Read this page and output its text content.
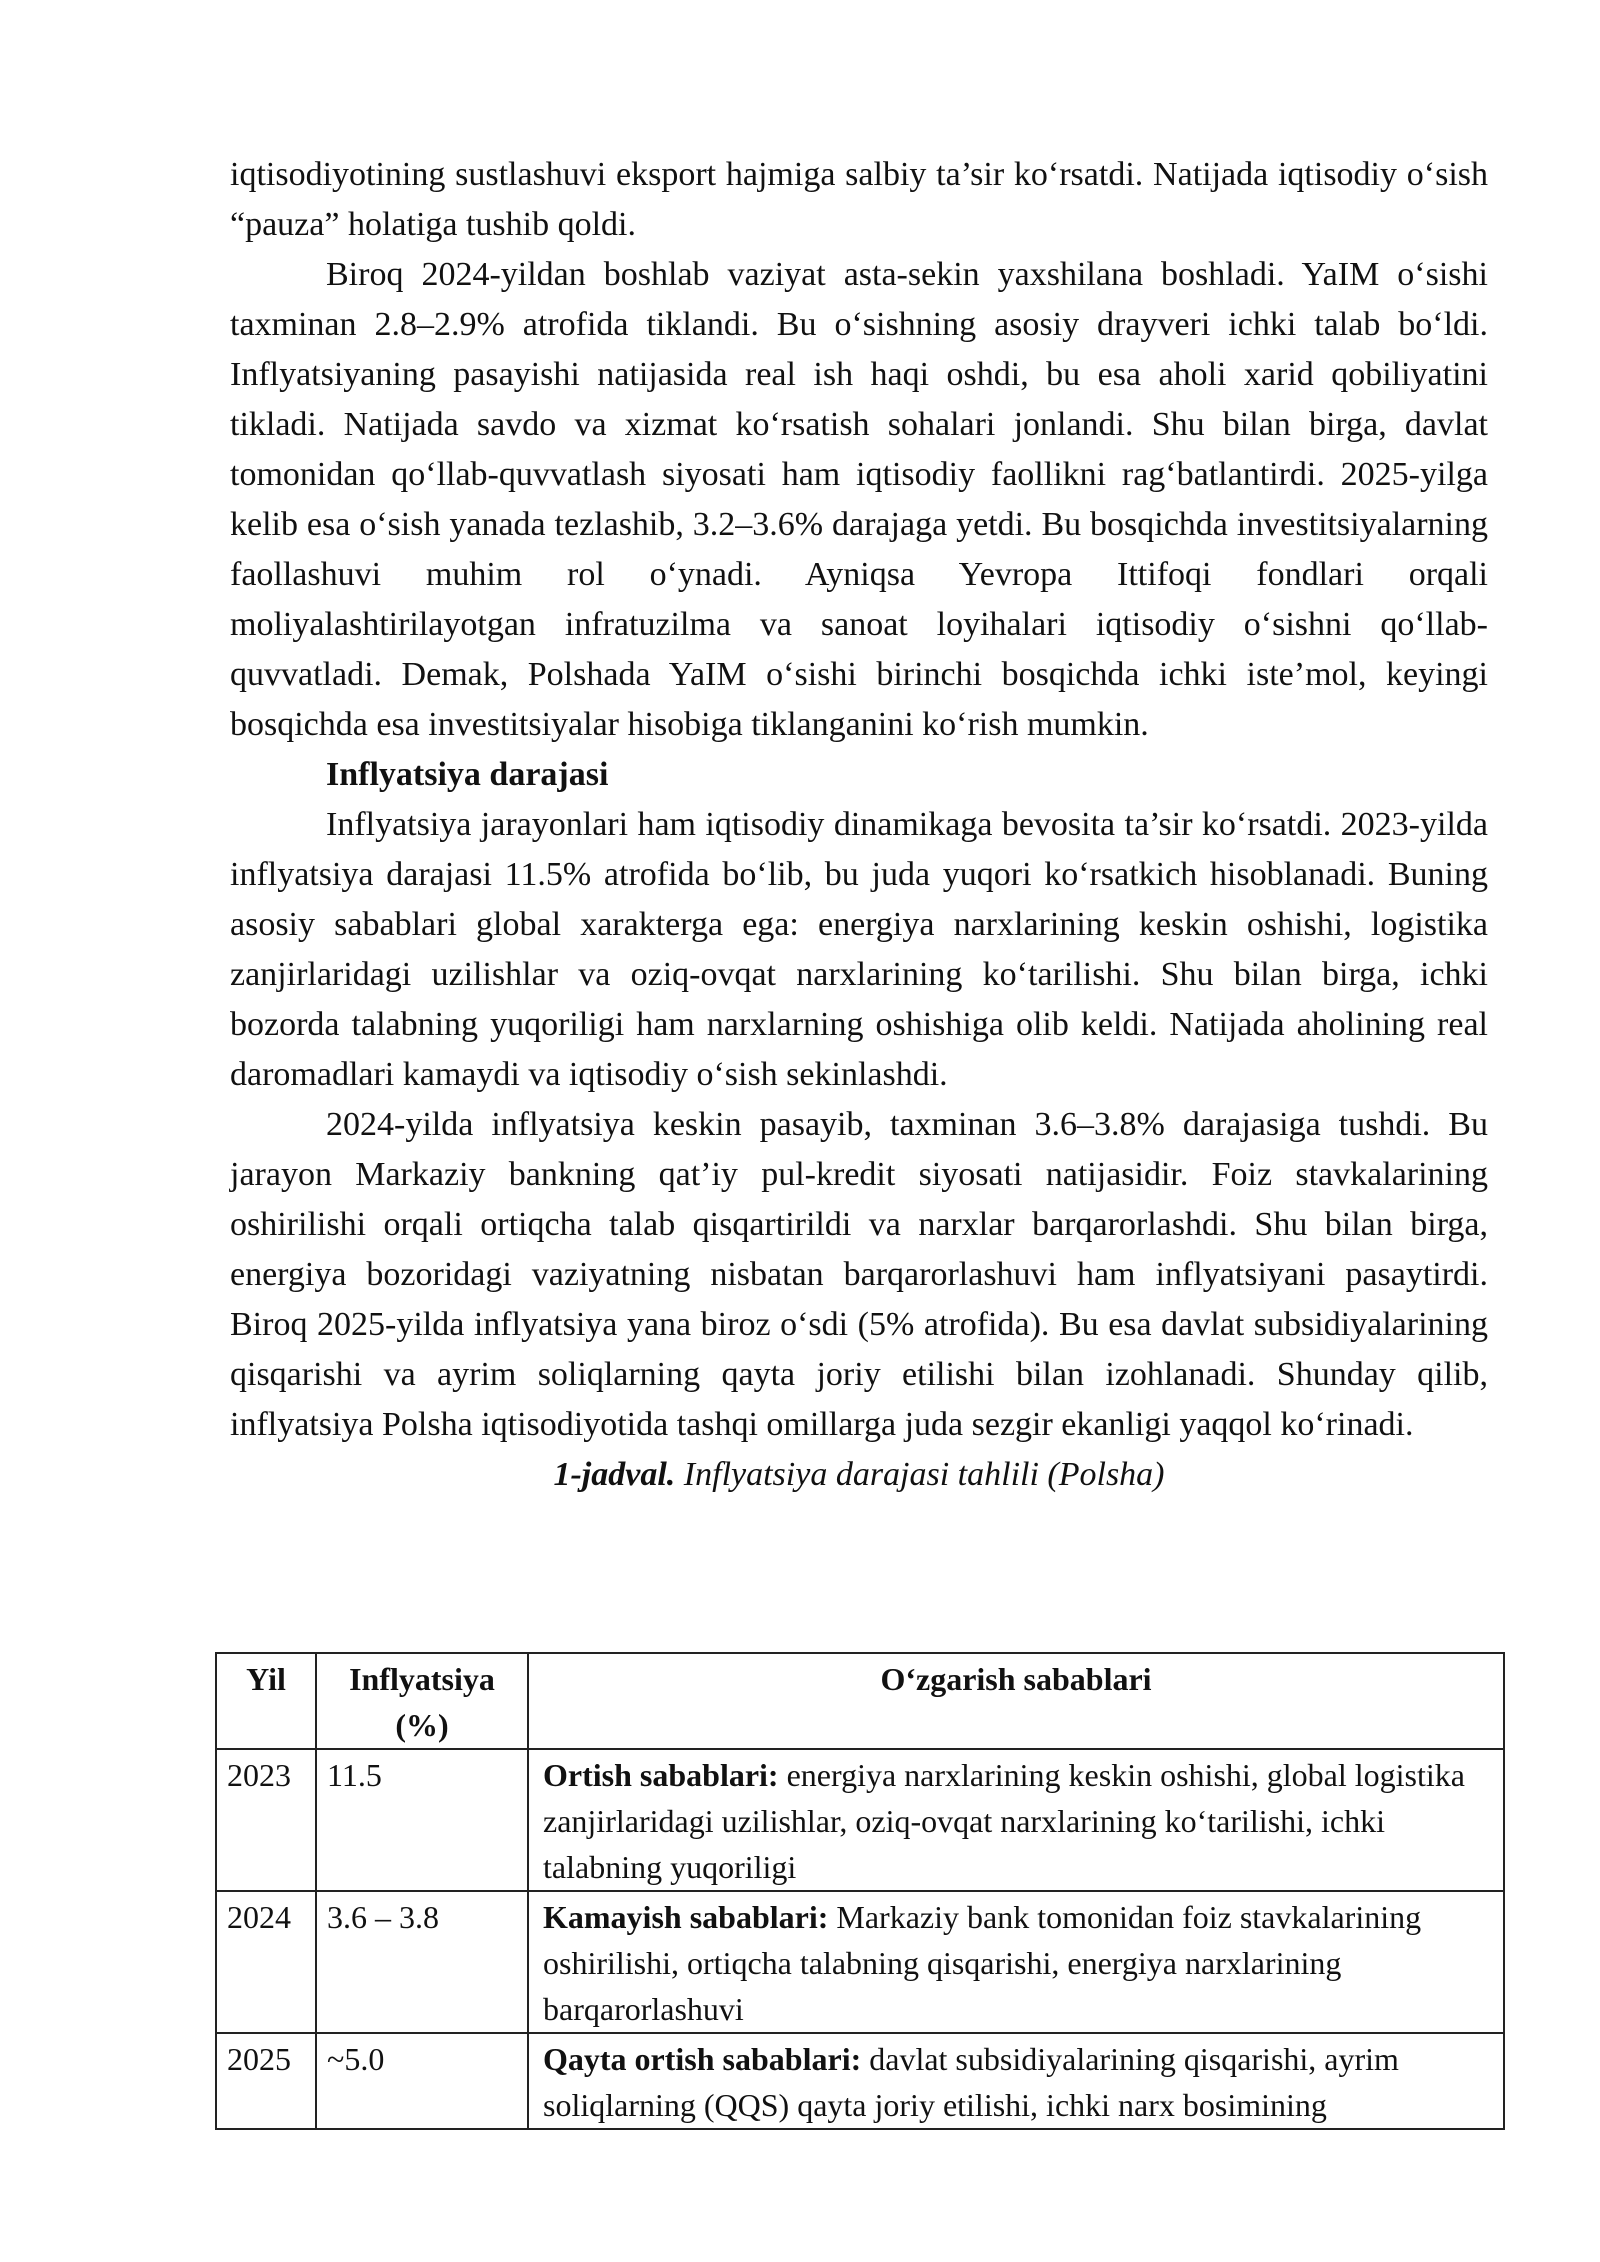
iqtisodiyotining sustlashuvi eksport hajmiga salbiy ta’sir ko‘rsatdi. Natijada iqtisodiy o‘sish “pauza” holatiga tushib qoldi.

Biroq 2024-yildan boshlab vaziyat asta-sekin yaxshilana boshladi. YaIM o‘sishi taxminan 2.8–2.9% atrofida tiklandi. Bu o‘sishning asosiy drayveri ichki talab bo‘ldi. Inflyatsiyaning pasayishi natijasida real ish haqi oshdi, bu esa aholi xarid qobiliyatini tikladi. Natijada savdo va xizmat ko‘rsatish sohalari jonlandi. Shu bilan birga, davlat tomonidan qo‘llab-quvvatlash siyosati ham iqtisodiy faollikni rag‘batlantirdi. 2025-yilga kelib esa o‘sish yanada tezlashib, 3.2–3.6% darajaga yetdi. Bu bosqichda investitsiyalarning faollashuvi muhim rol o‘ynadi. Ayniqsa Yevropa Ittifoqi fondlari orqali moliyalashtirilayotgan infratuzilma va sanoat loyihalari iqtisodiy o‘sishni qo‘llab-quvvatladi. Demak, Polshada YaIM o‘sishi birinchi bosqichda ichki iste’mol, keyingi bosqichda esa investitsiyalar hisobiga tiklanganini ko‘rish mumkin.

Inflyatsiya darajasi

Inflyatsiya jarayonlari ham iqtisodiy dinamikaga bevosita ta’sir ko‘rsatdi. 2023-yilda inflyatsiya darajasi 11.5% atrofida bo‘lib, bu juda yuqori ko‘rsatkich hisoblanadi. Buning asosiy sabablari global xarakterga ega: energiya narxlarining keskin oshishi, logistika zanjirlaridagi uzilishlar va oziq-ovqat narxlarining ko‘tarilishi. Shu bilan birga, ichki bozorda talabning yuqoriligi ham narxlarning oshishiga olib keldi. Natijada aholining real daromadlari kamaydi va iqtisodiy o‘sish sekinlashdi.

2024-yilda inflyatsiya keskin pasayib, taxminan 3.6–3.8% darajasiga tushdi. Bu jarayon Markaziy bankning qat’iy pul-kredit siyosati natijasidir. Foiz stavkalarining oshirilishi orqali ortiqcha talab qisqartirildi va narxlar barqarorlashdi. Shu bilan birga, energiya bozoridagi vaziyatning nisbatan barqarorlashuvi ham inflyatsiyani pasaytirdi. Biroq 2025-yilda inflyatsiya yana biroz o‘sdi (5% atrofida). Bu esa davlat subsidiyalarining qisqarishi va ayrim soliqlarning qayta joriy etilishi bilan izohlanadi. Shunday qilib, inflyatsiya Polsha iqtisodiyotida tashqi omillarga juda sezgir ekanligi yaqqol ko‘rinadi.

1-jadval. Inflyatsiya darajasi tahlili (Polsha)

Yil	Inflyatsiya (%)	O‘zgarish sabablari
2023	11.5	Ortish sabablari: energiya narxlarining keskin oshishi, global logistika zanjirlaridagi uzilishlar, oziq-ovqat narxlarining ko‘tarilishi, ichki talabning yuqoriligi
2024	3.6 – 3.8	Kamayish sabablari: Markaziy bank tomonidan foiz stavkalarining oshirilishi, ortiqcha talabning qisqarishi, energiya narxlarining barqarorlashuvi
2025	~5.0	Qayta ortish sabablari: davlat subsidiyalarining qisqarishi, ayrim soliqlarning (QQS) qayta joriy etilishi, ichki narx bosimining
